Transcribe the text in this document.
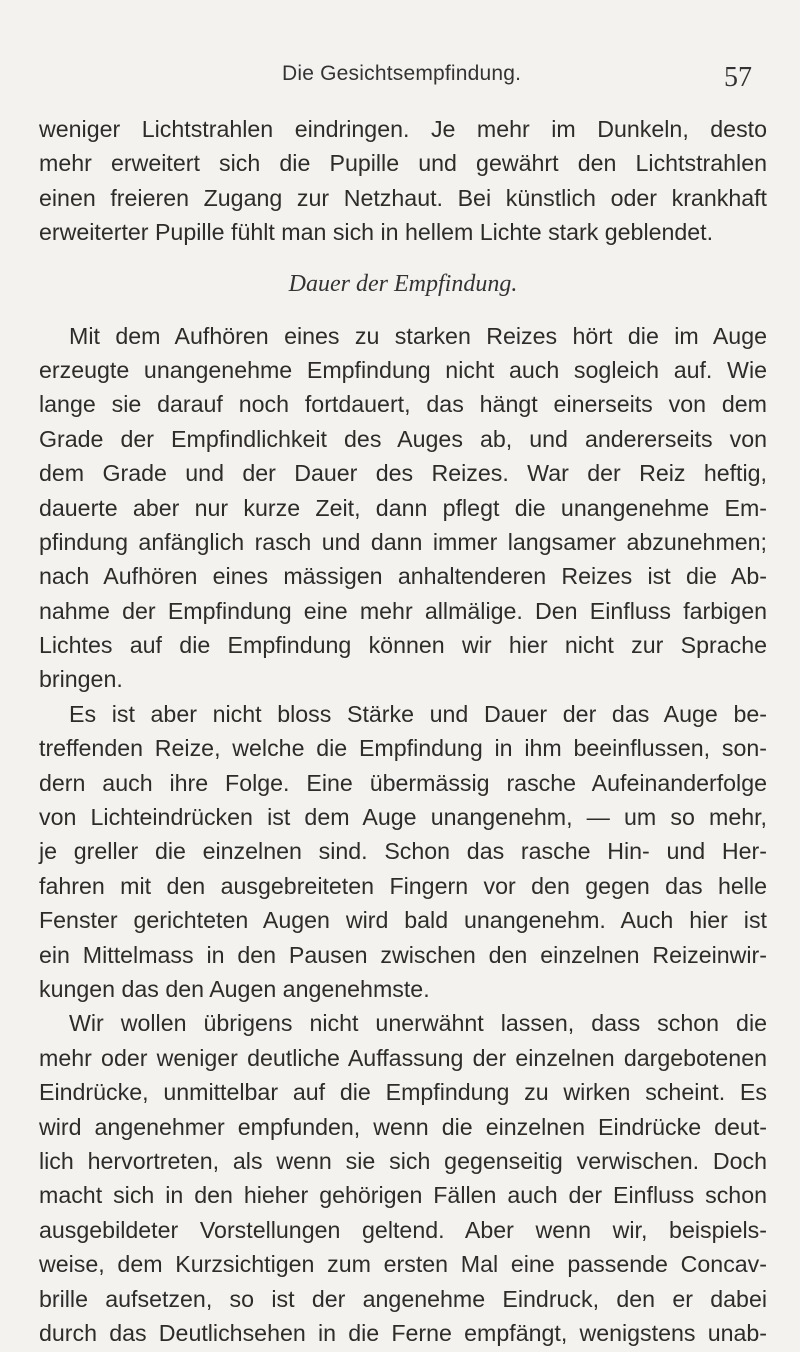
Die Gesichtsempfindung.	57
weniger Lichtstrahlen eindringen. Je mehr im Dunkeln, desto
mehr erweitert sich die Pupille und gewährt den Lichtstrahlen
einen freieren Zugang zur Netzhaut. Bei künstlich oder krankhaft
erweiterter Pupille fühlt man sich in hellem Lichte stark geblendet.
Dauer der Empfindung.
Mit dem Aufhören eines zu starken Reizes hört die im Auge
erzeugte unangenehme Empfindung nicht auch sogleich auf. Wie
lange sie darauf noch fortdauert, das hängt einerseits von dem
Grade der Empfindlichkeit des Auges ab, und andererseits von
dem Grade und der Dauer des Reizes. War der Reiz heftig,
dauerte aber nur kurze Zeit, dann pflegt die unangenehme Em-
pfindung anfänglich rasch und dann immer langsamer abzunehmen;
nach Aufhören eines mässigen anhaltenderen Reizes ist die Ab-
nahme der Empfindung eine mehr allmälige. Den Einfluss farbigen
Lichtes auf die Empfindung können wir hier nicht zur Sprache
bringen.
Es ist aber nicht bloss Stärke und Dauer der das Auge be-
treffenden Reize, welche die Empfindung in ihm beeinflussen, son-
dern auch ihre Folge. Eine übermässig rasche Aufeinanderfolge
von Lichteindrücken ist dem Auge unangenehm, — um so mehr,
je greller die einzelnen sind. Schon das rasche Hin- und Her-
fahren mit den ausgebreiteten Fingern vor den gegen das helle
Fenster gerichteten Augen wird bald unangenehm. Auch hier ist
ein Mittelmass in den Pausen zwischen den einzelnen Reizeinwir-
kungen das den Augen angenehmste.
Wir wollen übrigens nicht unerwähnt lassen, dass schon die
mehr oder weniger deutliche Auffassung der einzelnen dargebotenen
Eindrücke, unmittelbar auf die Empfindung zu wirken scheint. Es
wird angenehmer empfunden, wenn die einzelnen Eindrücke deut-
lich hervortreten, als wenn sie sich gegenseitig verwischen. Doch
macht sich in den hieher gehörigen Fällen auch der Einfluss schon
ausgebildeter Vorstellungen geltend. Aber wenn wir, beispiels-
weise, dem Kurzsichtigen zum ersten Mal eine passende Concav-
brille aufsetzen, so ist der angenehme Eindruck, den er dabei
durch das Deutlichsehen in die Ferne empfängt, wenigstens unab-
